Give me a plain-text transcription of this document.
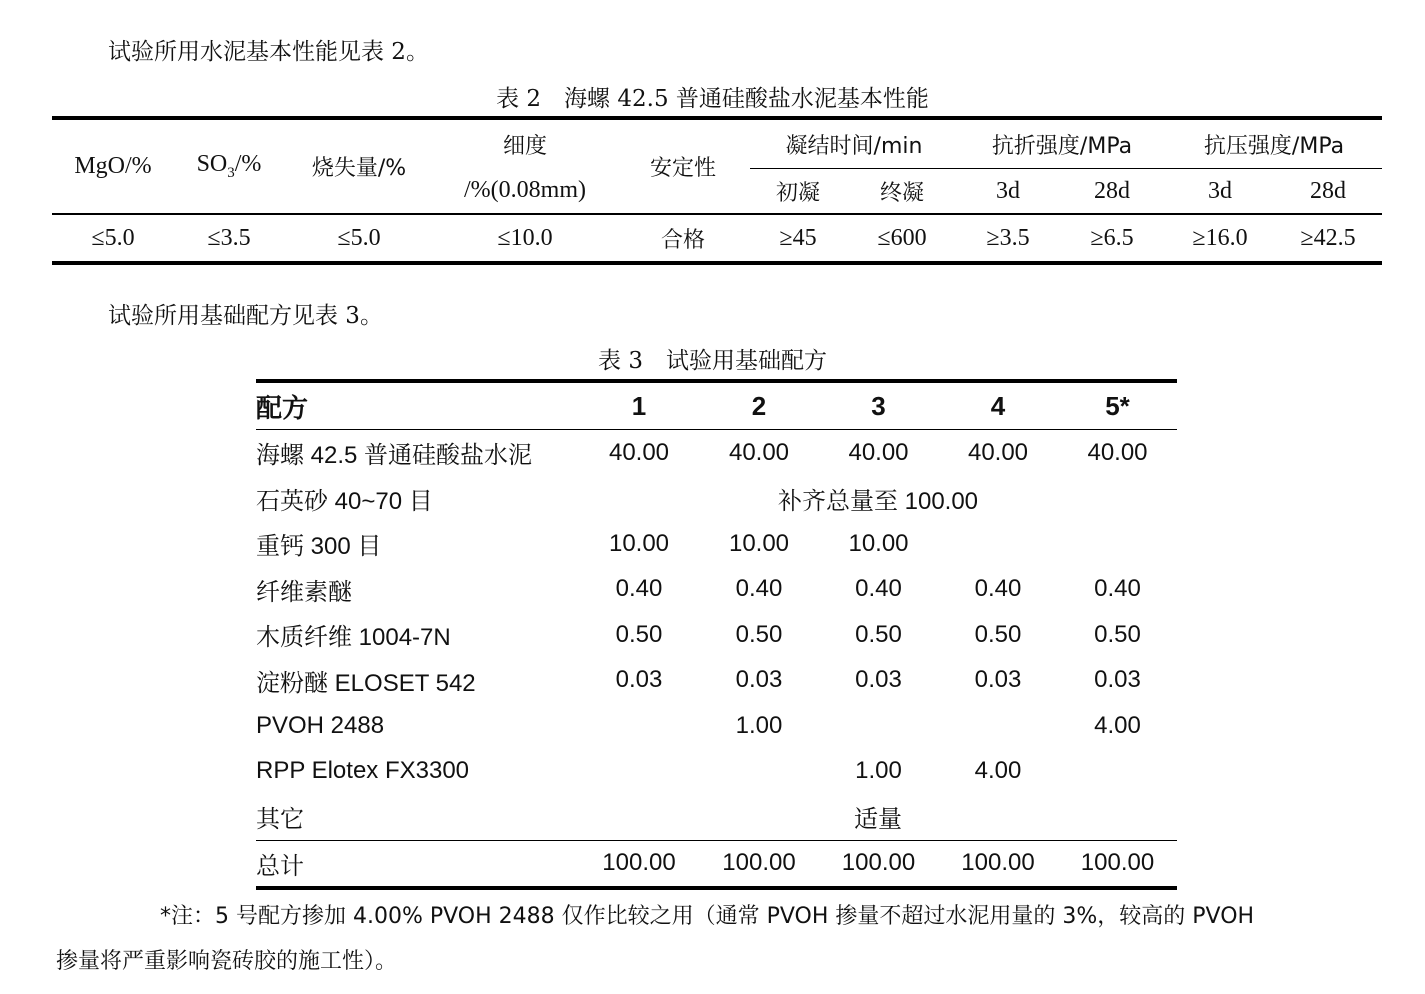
试验所用水泥基本性能见表 2。
表 2　海螺 42.5 普通硅酸盐水泥基本性能
MgO/%	$SO_3/\%$	烧失量/%	细度	安定性	凝结时间/min		抗折强度/MPa		抗压强度/MPa	
			/%(0.08mm)		初凝	终凝	3d	28d	3d	28d
≤5.0	≤3.5	≤5.0	≤10.0	合格	≥45	≤600	≥3.5	≥6.5	≥16.0	≥42.5
试验所用基础配方见表 3。
表 3　试验用基础配方
配方	1	2	3	4	5*
海螺 42.5 普通硅酸盐水泥	40.00	40.00	40.00	40.00	40.00
石英砂 40~70 目	补齐总量至 100.00				
重钙 300 目	10.00	10.00	10.00		
纤维素醚	0.40	0.40	0.40	0.40	0.40
木质纤维 1004-7N	0.50	0.50	0.50	0.50	0.50
淀粉醚 ELOSET 542	0.03	0.03	0.03	0.03	0.03
PVOH 2488		1.00			4.00
RPP Elotex FX3300			1.00	4.00	
其它	适量				
总计	100.00	100.00	100.00	100.00	100.00
*注：5 号配方掺加 4.00% PVOH 2488 仅作比较之用（通常 PVOH 掺量不超过水泥用量的 3%，较高的 PVOH
掺量将严重影响瓷砖胶的施工性）。
